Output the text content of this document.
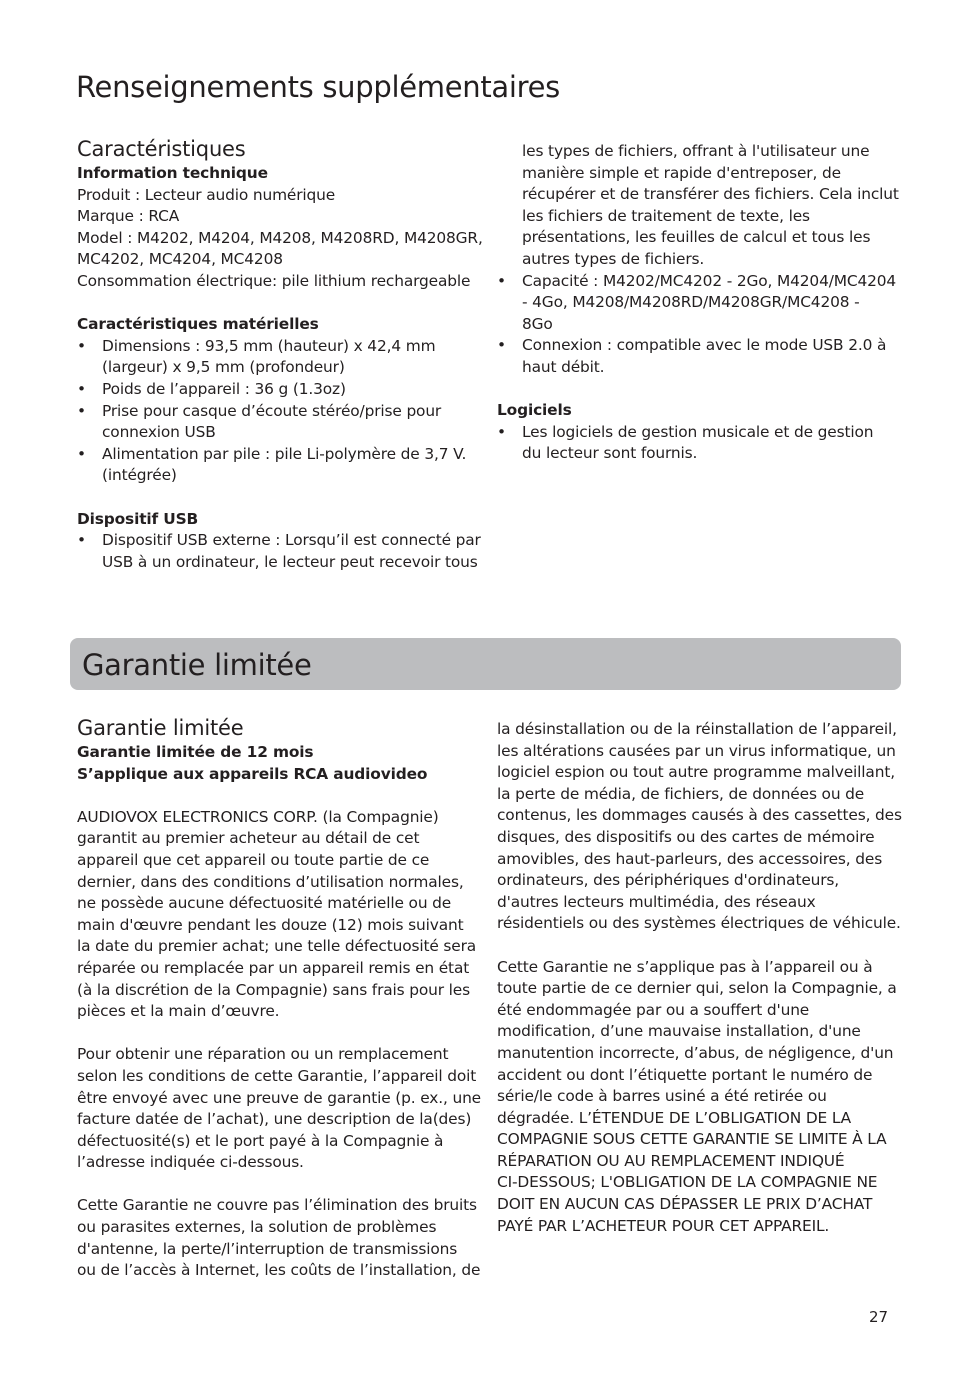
Renseignements supplémentaires
Caractéristiques
Information technique
Produit : Lecteur audio numérique
Marque : RCA
Model : M4202, M4204, M4208, M4208RD, M4208GR,
MC4202, MC4204, MC4208
Consommation électrique: pile lithium rechargeable
Caractéristiques matérielles
• Dimensions : 93,5 mm (hauteur) x 42,4 mm
(largeur) x 9,5 mm (profondeur)
• Poids de l’appareil : 36 g (1.3oz)
• Prise pour casque d’écoute stéréo/prise pour
connexion USB
• Alimentation par pile : pile Li-polymère de 3,7 V.
(intégrée)
Dispositif USB
• Dispositif USB externe : Lorsqu’il est connecté par
USB à un ordinateur, le lecteur peut recevoir tous
les types de fichiers, offrant à l'utilisateur une
manière simple et rapide d'entreposer, de
récupérer et de transférer des fichiers. Cela inclut
les fichiers de traitement de texte, les
présentations, les feuilles de calcul et tous les
autres types de fichiers.
• Capacité : M4202/MC4202 - 2Go, M4204/MC4204
- 4Go, M4208/M4208RD/M4208GR/MC4208 -
8Go
• Connexion : compatible avec le mode USB 2.0 à
haut débit.
Logiciels
• Les logiciels de gestion musicale et de gestion
du lecteur sont fournis.
Garantie limitée
Garantie limitée
Garantie limitée de 12 mois
S’applique aux appareils RCA audiovideo
AUDIOVOX ELECTRONICS CORP. (la Compagnie)
garantit au premier acheteur au détail de cet
appareil que cet appareil ou toute partie de ce
dernier, dans des conditions d’utilisation normales,
ne possède aucune défectuosité matérielle ou de
main d'œuvre pendant les douze (12) mois suivant
la date du premier achat; une telle défectuosité sera
réparée ou remplacée par un appareil remis en état
(à la discrétion de la Compagnie) sans frais pour les
pièces et la main d’œuvre.
Pour obtenir une réparation ou un remplacement
selon les conditions de cette Garantie, l’appareil doit
être envoyé avec une preuve de garantie (p. ex., une
facture datée de l’achat), une description de la(des)
défectuosité(s) et le port payé à la Compagnie à
l’adresse indiquée ci-dessous.
Cette Garantie ne couvre pas l’élimination des bruits
ou parasites externes, la solution de problèmes
d'antenne, la perte/l’interruption de transmissions
ou de l’accès à Internet, les coûts de l’installation, de
la désinstallation ou de la réinstallation de l’appareil,
les altérations causées par un virus informatique, un
logiciel espion ou tout autre programme malveillant,
la perte de média, de fichiers, de données ou de
contenus, les dommages causés à des cassettes, des
disques, des dispositifs ou des cartes de mémoire
amovibles, des haut-parleurs, des accessoires, des
ordinateurs, des périphériques d'ordinateurs,
d'autres lecteurs multimédia, des réseaux
résidentiels ou des systèmes électriques de véhicule.
Cette Garantie ne s’applique pas à l’appareil ou à
toute partie de ce dernier qui, selon la Compagnie, a
été endommagée par ou a souffert d'une
modification, d’une mauvaise installation, d'une
manutention incorrecte, d’abus, de négligence, d'un
accident ou dont l’étiquette portant le numéro de
série/le code à barres usiné a été retirée ou
dégradée. L’ÉTENDUE DE L’OBLIGATION DE LA
COMPAGNIE SOUS CETTE GARANTIE SE LIMITE À LA
RÉPARATION OU AU REMPLACEMENT INDIQUÉ
CI-DESSOUS; L'OBLIGATION DE LA COMPAGNIE NE
DOIT EN AUCUN CAS DÉPASSER LE PRIX D’ACHAT
PAYÉ PAR L’ACHETEUR POUR CET APPAREIL.
27
